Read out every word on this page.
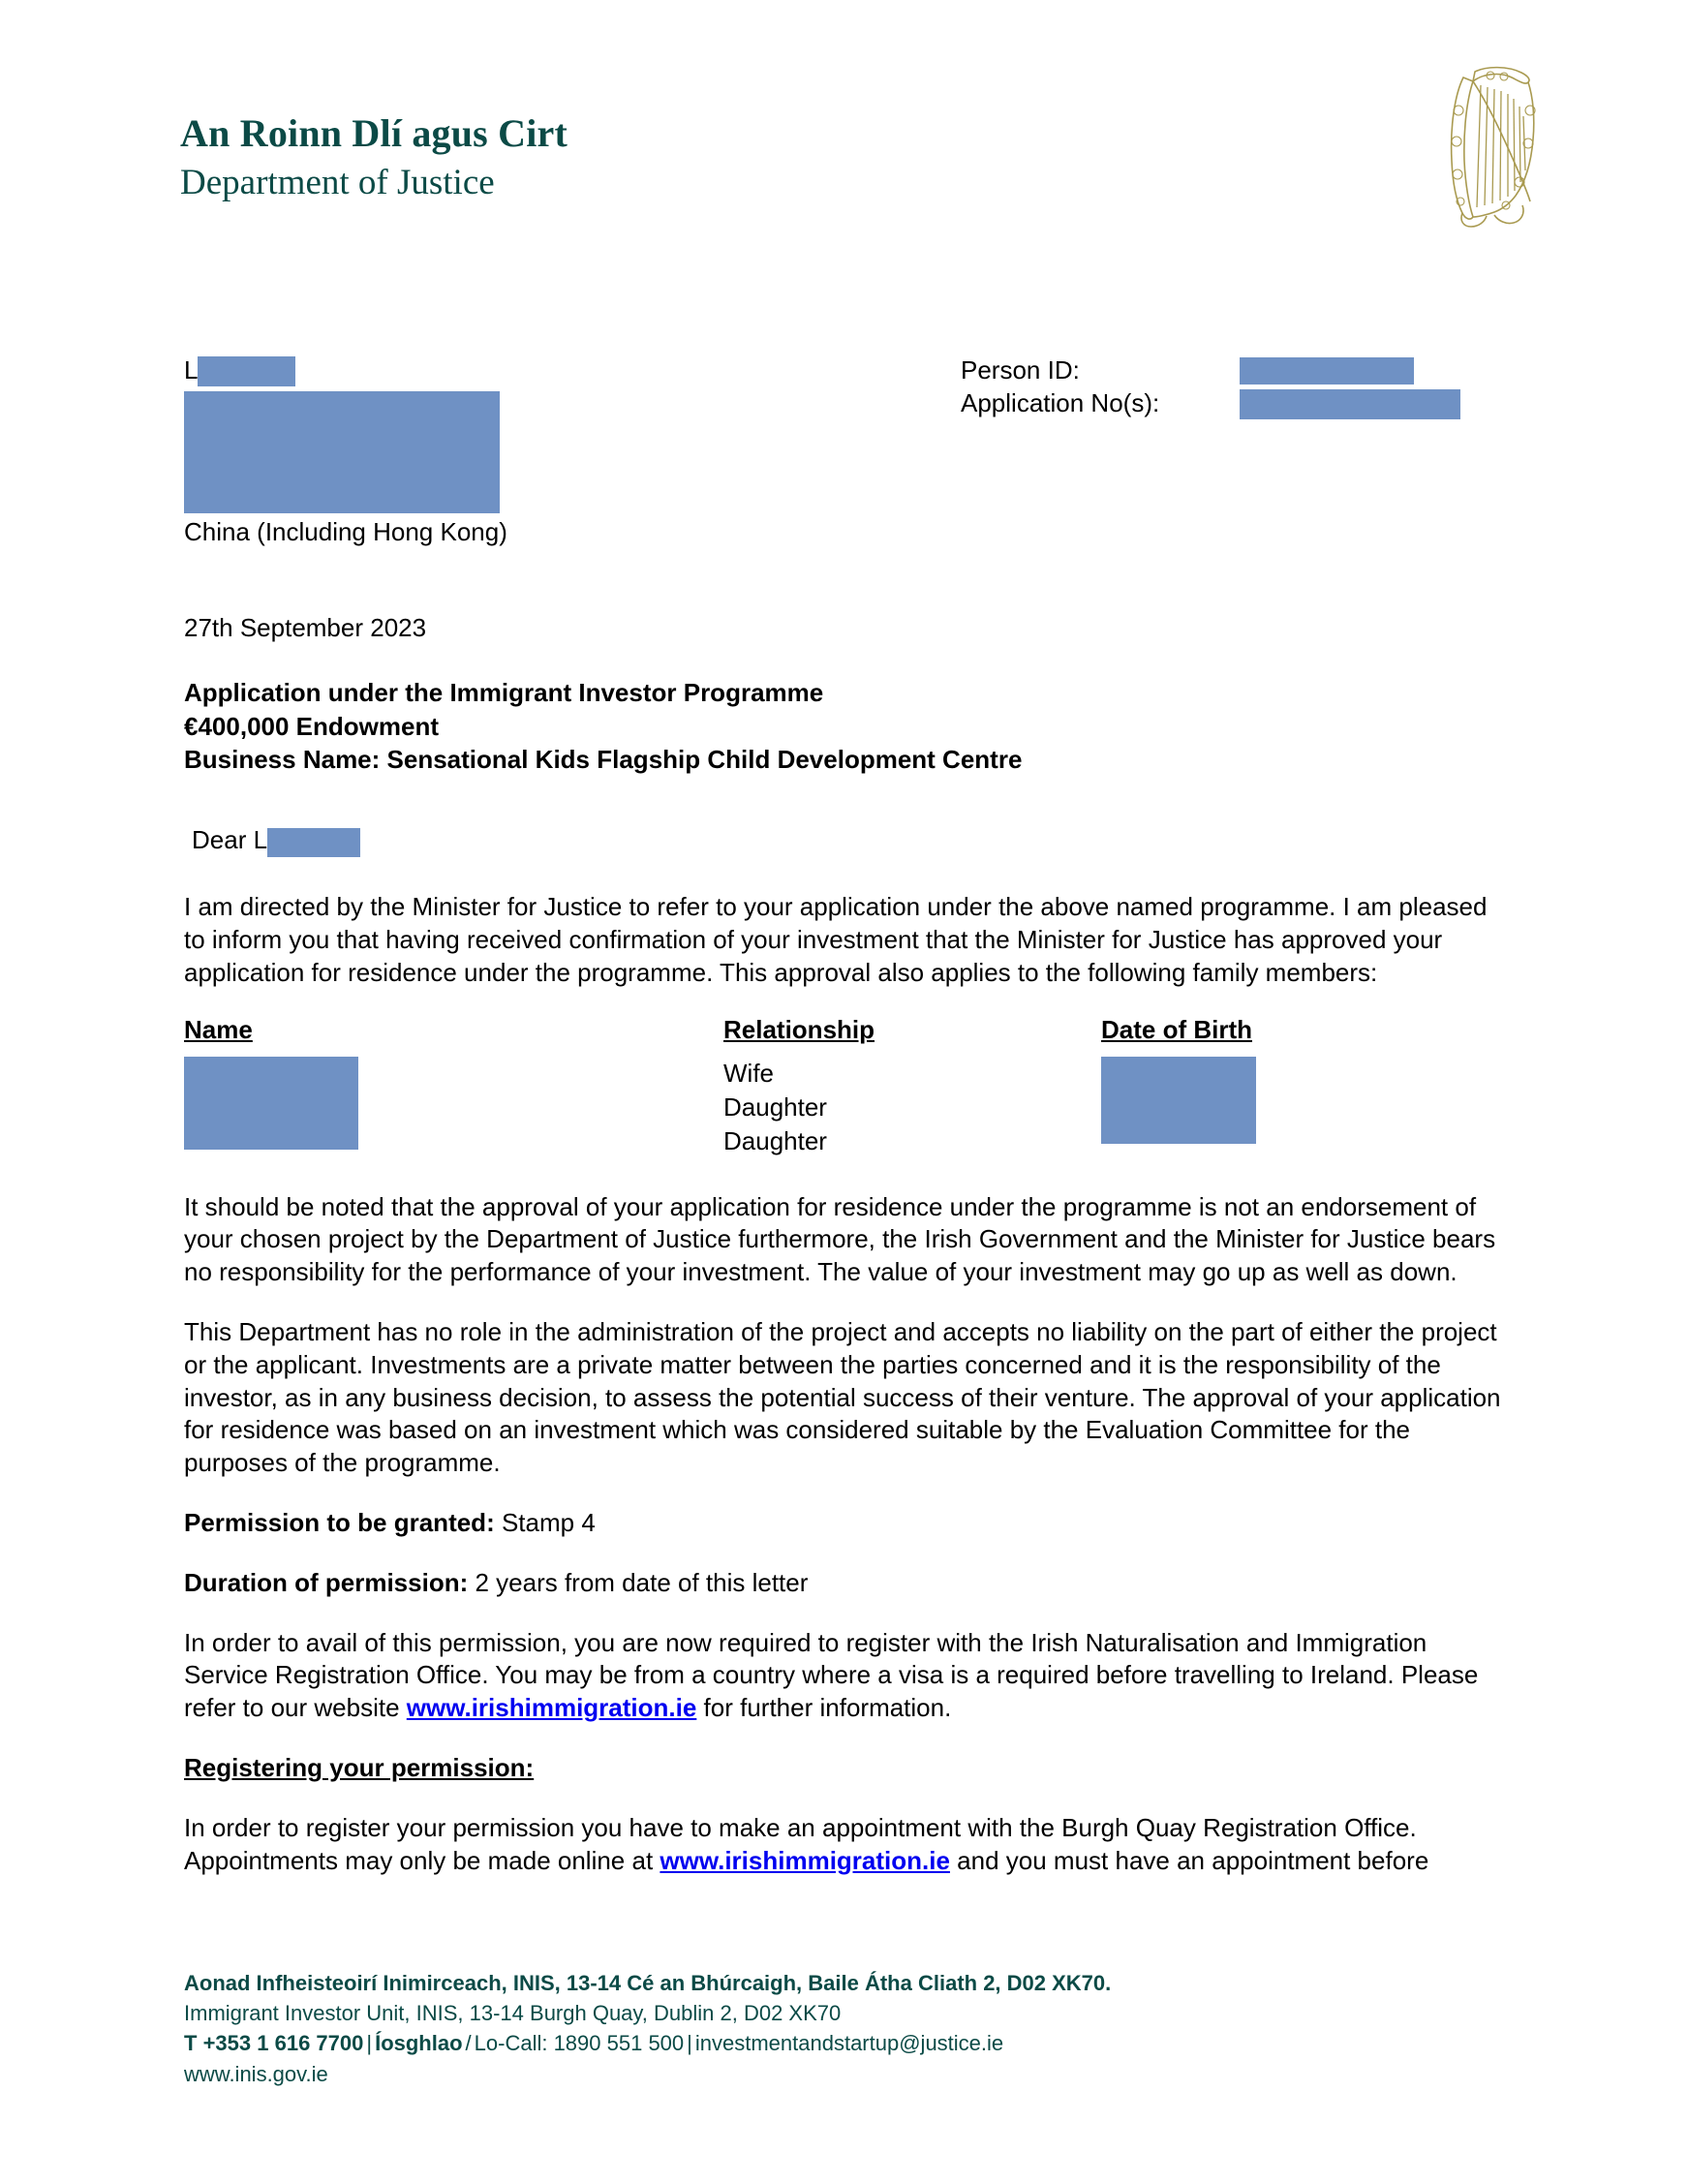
An Roinn Dlí agus Cirt
Department of Justice
L
China (Including Hong Kong)
Person ID:
Application No(s):
27th September 2023
Application under the Immigrant Investor Programme
€400,000 Endowment
Business Name: Sensational Kids Flagship Child Development Centre
Dear L

I am directed by the Minister for Justice to refer to your application under the above named programme. I am pleased to inform you that having received confirmation of your investment that the Minister for Justice has approved your application for residence under the programme. This approval also applies to the following family members:

Name	Relationship	Date of Birth
Wife
Daughter
Daughter

It should be noted that the approval of your application for residence under the programme is not an endorsement of your chosen project by the Department of Justice furthermore, the Irish Government and the Minister for Justice bears no responsibility for the performance of your investment. The value of your investment may go up as well as down.

This Department has no role in the administration of the project and accepts no liability on the part of either the project or the applicant. Investments are a private matter between the parties concerned and it is the responsibility of the investor, as in any business decision, to assess the potential success of their venture. The approval of your application for residence was based on an investment which was considered suitable by the Evaluation Committee for the purposes of the programme.

Permission to be granted: Stamp 4

Duration of permission: 2 years from date of this letter

In order to avail of this permission, you are now required to register with the Irish Naturalisation and Immigration Service Registration Office. You may be from a country where a visa is a required before travelling to Ireland. Please refer to our website www.irishimmigration.ie for further information.

Registering your permission:

In order to register your permission you have to make an appointment with the Burgh Quay Registration Office. Appointments may only be made online at www.irishimmigration.ie and you must have an appointment before

Aonad Infheisteoirí Inimirceach, INIS, 13-14 Cé an Bhúrcaigh, Baile Átha Cliath 2, D02 XK70.
Immigrant Investor Unit, INIS, 13-14 Burgh Quay, Dublin 2, D02 XK70
T +353 1 616 7700 | Íosghlao / Lo-Call: 1890 551 500 | investmentandstartup@justice.ie
www.inis.gov.ie
